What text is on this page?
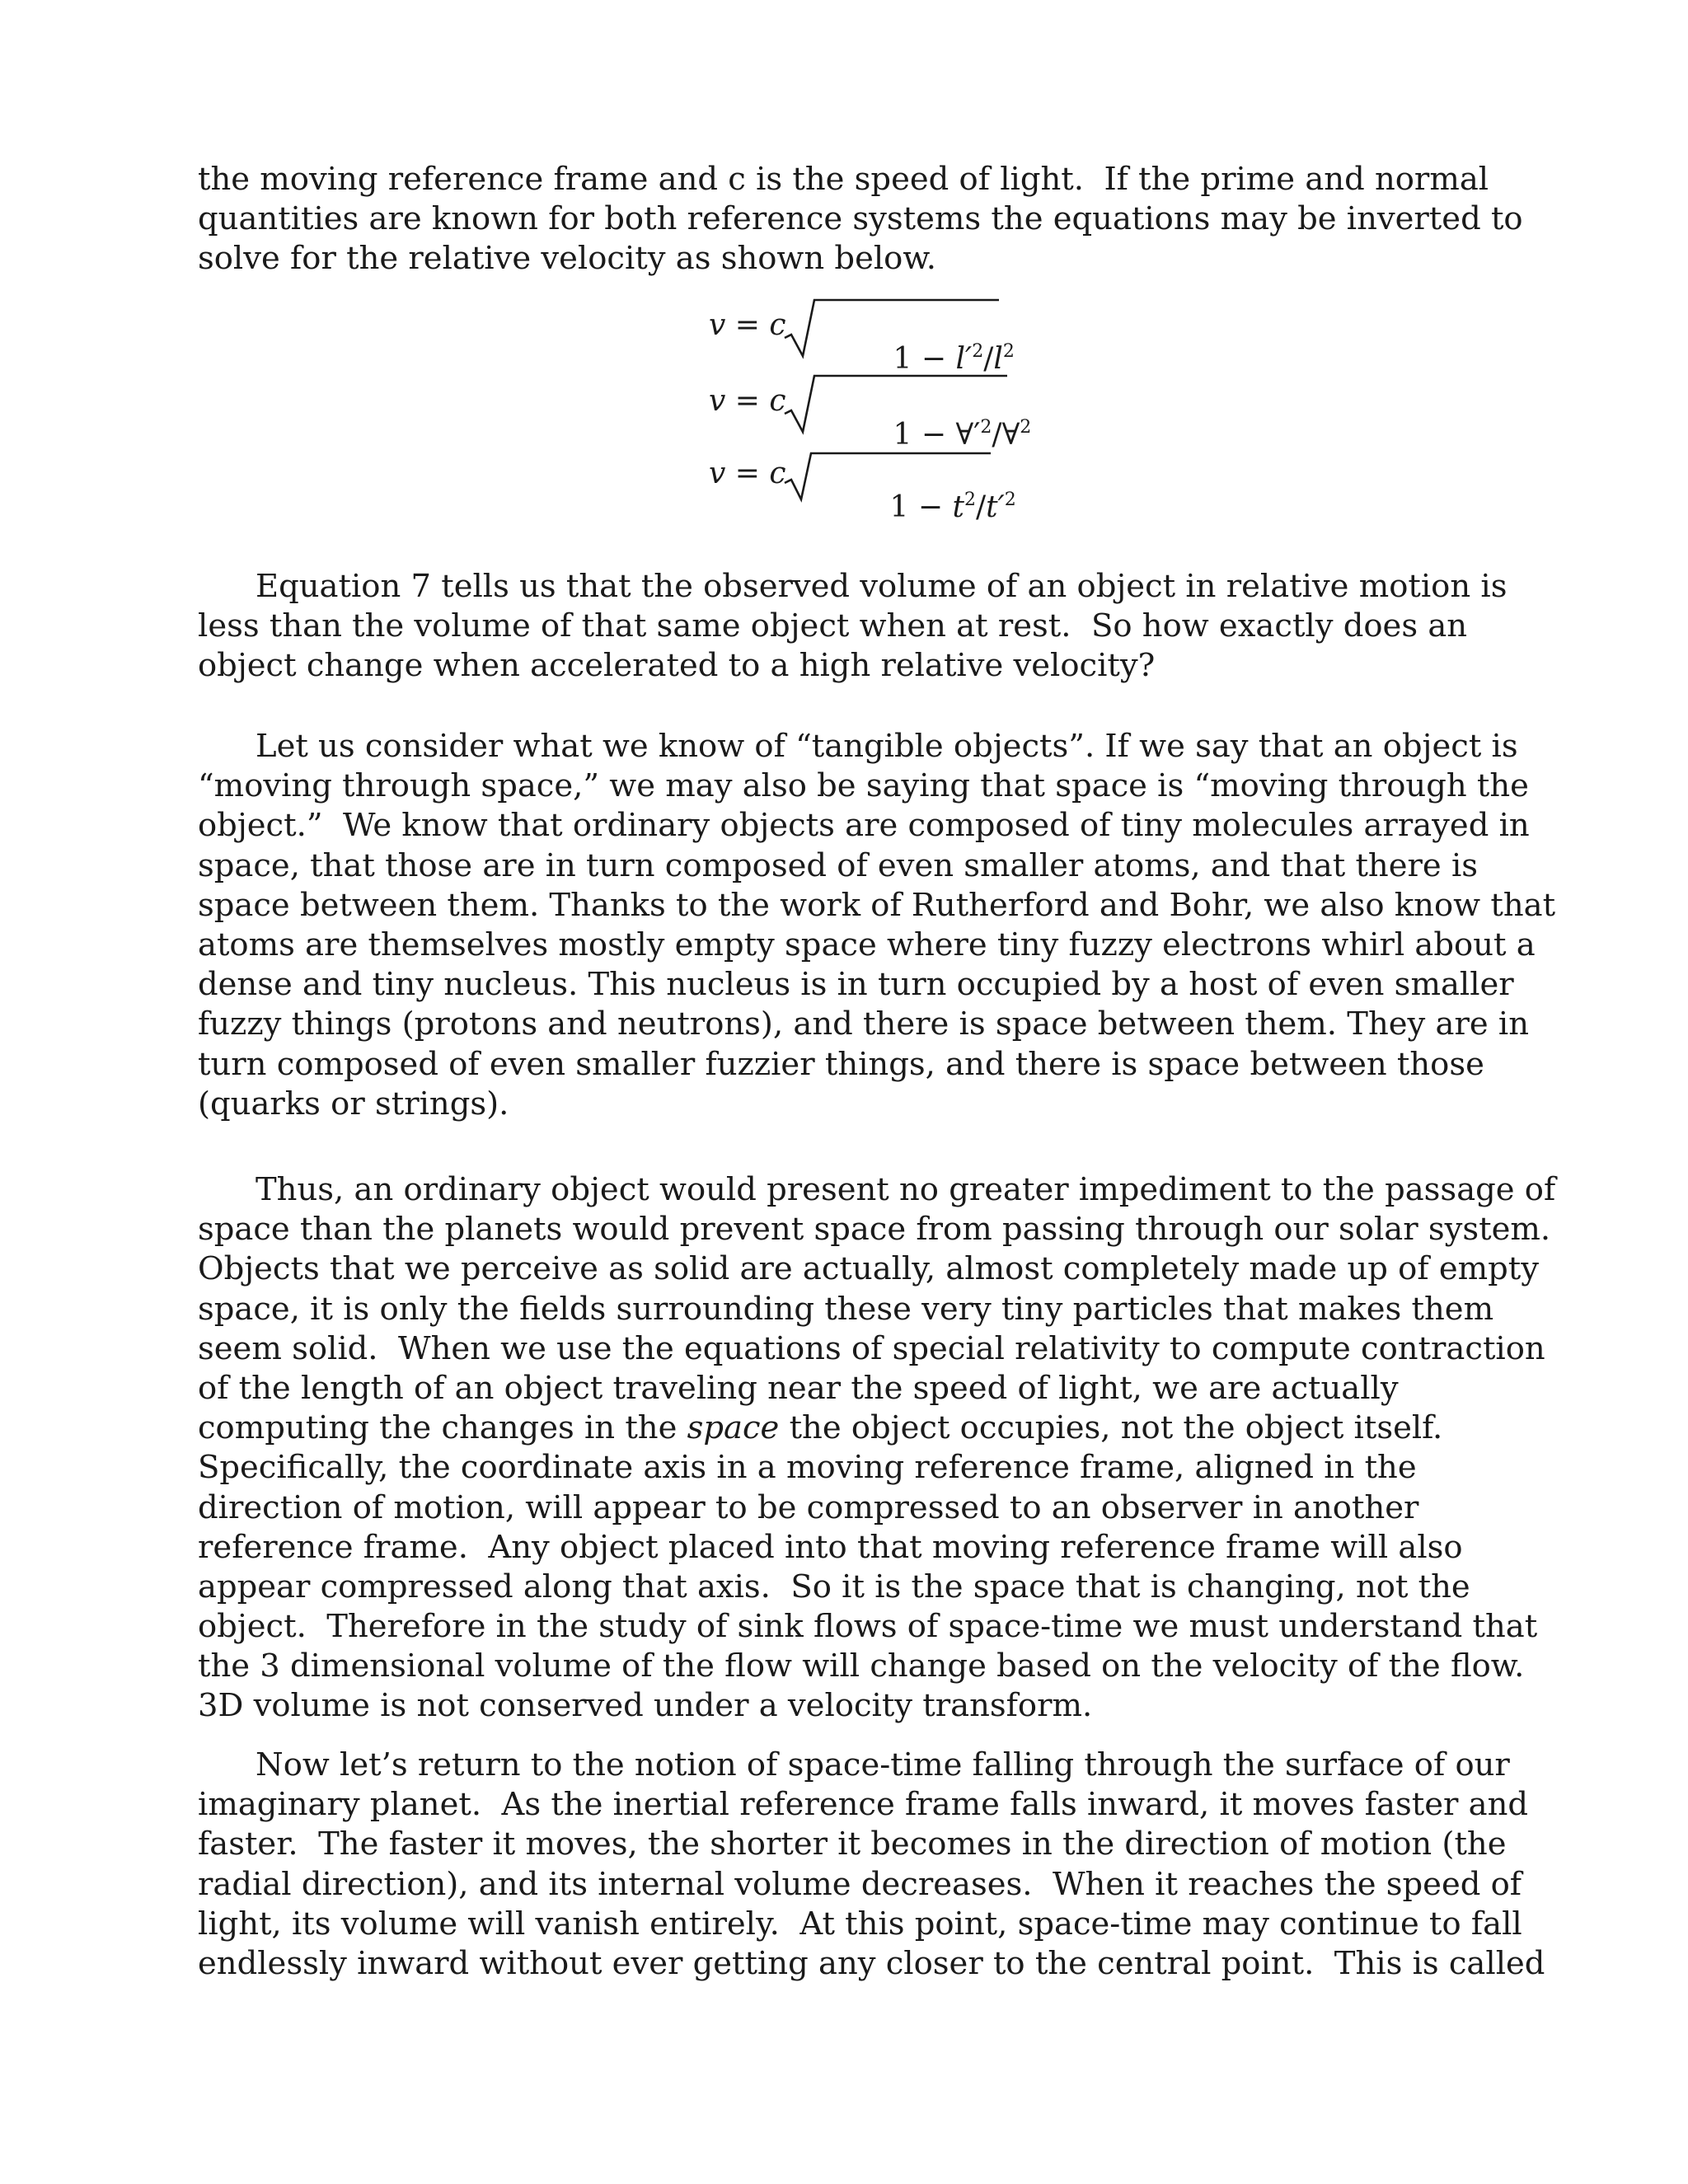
the moving reference frame and c is the speed of light.  If the prime and normal
quantities are known for both reference systems the equations may be inverted to
solve for the relative velocity as shown below.
v = c

$1 - l'^2/l^2$

v = c

$1 - \forall'^2/\forall^2$

v = c

$1 - t^2/t'^2$

Equation 7 tells us that the observed volume of an object in relative motion is
less than the volume of that same object when at rest.  So how exactly does an
object change when accelerated to a high relative velocity?
Let us consider what we know of “tangible objects”. If we say that an object is
“moving through space,” we may also be saying that space is “moving through the
object.”  We know that ordinary objects are composed of tiny molecules arrayed in
space, that those are in turn composed of even smaller atoms, and that there is
space between them. Thanks to the work of Rutherford and Bohr, we also know that
atoms are themselves mostly empty space where tiny fuzzy electrons whirl about a
dense and tiny nucleus. This nucleus is in turn occupied by a host of even smaller
fuzzy things (protons and neutrons), and there is space between them. They are in
turn composed of even smaller fuzzier things, and there is space between those
(quarks or strings).
Thus, an ordinary object would present no greater impediment to the passage of
space than the planets would prevent space from passing through our solar system.
Objects that we perceive as solid are actually, almost completely made up of empty
space, it is only the fields surrounding these very tiny particles that makes them
seem solid.  When we use the equations of special relativity to compute contraction
of the length of an object traveling near the speed of light, we are actually
computing the changes in the space the object occupies, not the object itself.
Specifically, the coordinate axis in a moving reference frame, aligned in the
direction of motion, will appear to be compressed to an observer in another
reference frame.  Any object placed into that moving reference frame will also
appear compressed along that axis.  So it is the space that is changing, not the
object.  Therefore in the study of sink flows of space-time we must understand that
the 3 dimensional volume of the flow will change based on the velocity of the flow.
3D volume is not conserved under a velocity transform.
Now let’s return to the notion of space-time falling through the surface of our
imaginary planet.  As the inertial reference frame falls inward, it moves faster and
faster.  The faster it moves, the shorter it becomes in the direction of motion (the
radial direction), and its internal volume decreases.  When it reaches the speed of
light, its volume will vanish entirely.  At this point, space-time may continue to fall
endlessly inward without ever getting any closer to the central point.  This is called
